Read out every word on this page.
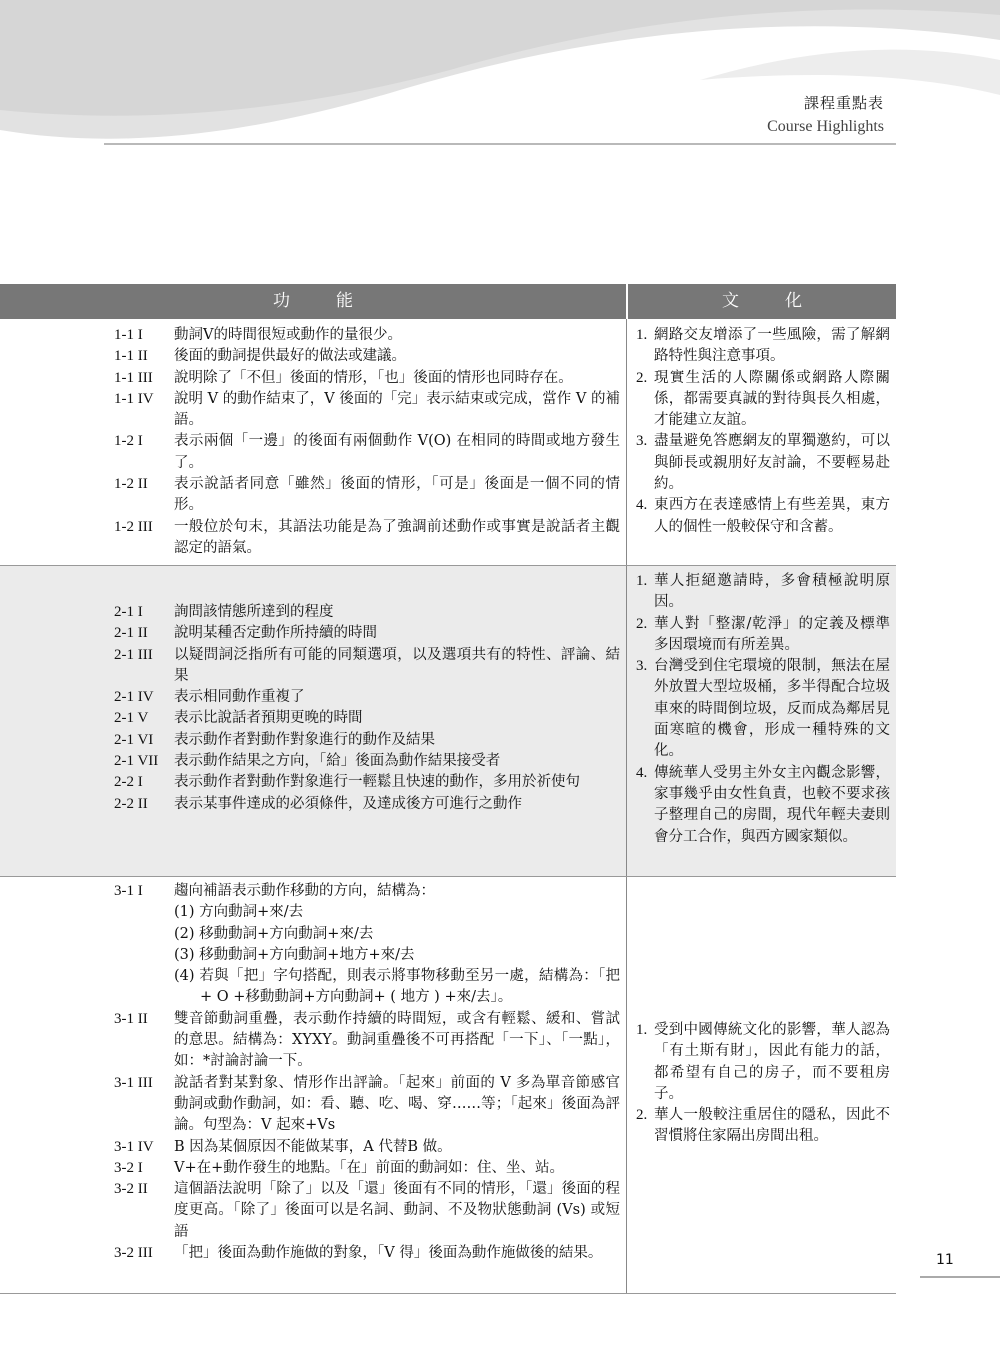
課程重點表
Course Highlights
功能	文化
1-1 I	動詞V的時間很短或動作的量很少。
1-1 II	後面的動詞提供最好的做法或建議。
1-1 III	說明除了「不但」後面的情形，「也」後面的情形也同時存在。
1-1 IV	說明 V 的動作結束了，V 後面的「完」表示結束或完成，當作 V 的補語。
1-2 I	表示兩個「一邊」的後面有兩個動作 V(O) 在相同的時間或地方發生了。
1-2 II	表示說話者同意「雖然」後面的情形，「可是」後面是一個不同的情形。
1-2 III	一般位於句末，其語法功能是為了強調前述動作或事實是說話者主觀認定的語氣。
1. 網路交友增添了一些風險，需了解網路特性與注意事項。
2. 現實生活的人際關係或網路人際關係，都需要真誠的對待與長久相處，才能建立友誼。
3. 盡量避免答應網友的單獨邀約，可以與師長或親朋好友討論，不要輕易赴約。
4. 東西方在表達感情上有些差異，東方人的個性一般較保守和含蓄。
2-1 I	詢問該情態所達到的程度
2-1 II	說明某種否定動作所持續的時間
2-1 III	以疑問詞泛指所有可能的同類選項，以及選項共有的特性、評論、結果
2-1 IV	表示相同動作重複了
2-1 V	表示比說話者預期更晚的時間
2-1 VI	表示動作者對動作對象進行的動作及結果
2-1 VII	表示動作結果之方向，「給」後面為動作結果接受者
2-2 I	表示動作者對動作對象進行一輕鬆且快速的動作，多用於祈使句
2-2 II	表示某事件達成的必須條件，及達成後方可進行之動作
1. 華人拒絕邀請時，多會積極說明原因。
2. 華人對「整潔/乾淨」的定義及標準多因環境而有所差異。
3. 台灣受到住宅環境的限制，無法在屋外放置大型垃圾桶，多半得配合垃圾車來的時間倒垃圾，反而成為鄰居見面寒暄的機會，形成一種特殊的文化。
4. 傳統華人受男主外女主內觀念影響，家事幾乎由女性負責，也較不要求孩子整理自己的房間，現代年輕夫妻則會分工合作，與西方國家類似。
3-1 I	趨向補語表示動作移動的方向，結構為：
(1) 方向動詞+來/去
(2) 移動動詞+方向動詞+來/去
(3) 移動動詞+方向動詞+地方+來/去
(4) 若與「把」字句搭配，則表示將事物移動至另一處，結構為：「把+ O +移動動詞+方向動詞+ ( 地方 ) +來/去」。
3-1 II	雙音節動詞重疊，表示動作持續的時間短，或含有輕鬆、緩和、嘗試的意思。結構為：XYXY。動詞重疊後不可再搭配「一下」、「一點」，如：*討論討論一下。
3-1 III	說話者對某對象、情形作出評論。「起來」前面的 V 多為單音節感官動詞或動作動詞，如：看、聽、吃、喝、穿……等；「起來」後面為評論。句型為：V 起來+Vs
3-1 IV	B 因為某個原因不能做某事，A 代替B 做。
3-2 I	V+在+動作發生的地點。「在」前面的動詞如：住、坐、站。
3-2 II	這個語法說明「除了」以及「還」後面有不同的情形，「還」後面的程度更高。「除了」後面可以是名詞、動詞、不及物狀態動詞 (Vs) 或短語
3-2 III	「把」後面為動作施做的對象，「V 得」後面為動作施做後的結果。
1. 受到中國傳統文化的影響，華人認為「有土斯有財」，因此有能力的話，都希望有自己的房子，而不要租房子。
2. 華人一般較注重居住的隱私，因此不習慣將住家隔出房間出租。
11
